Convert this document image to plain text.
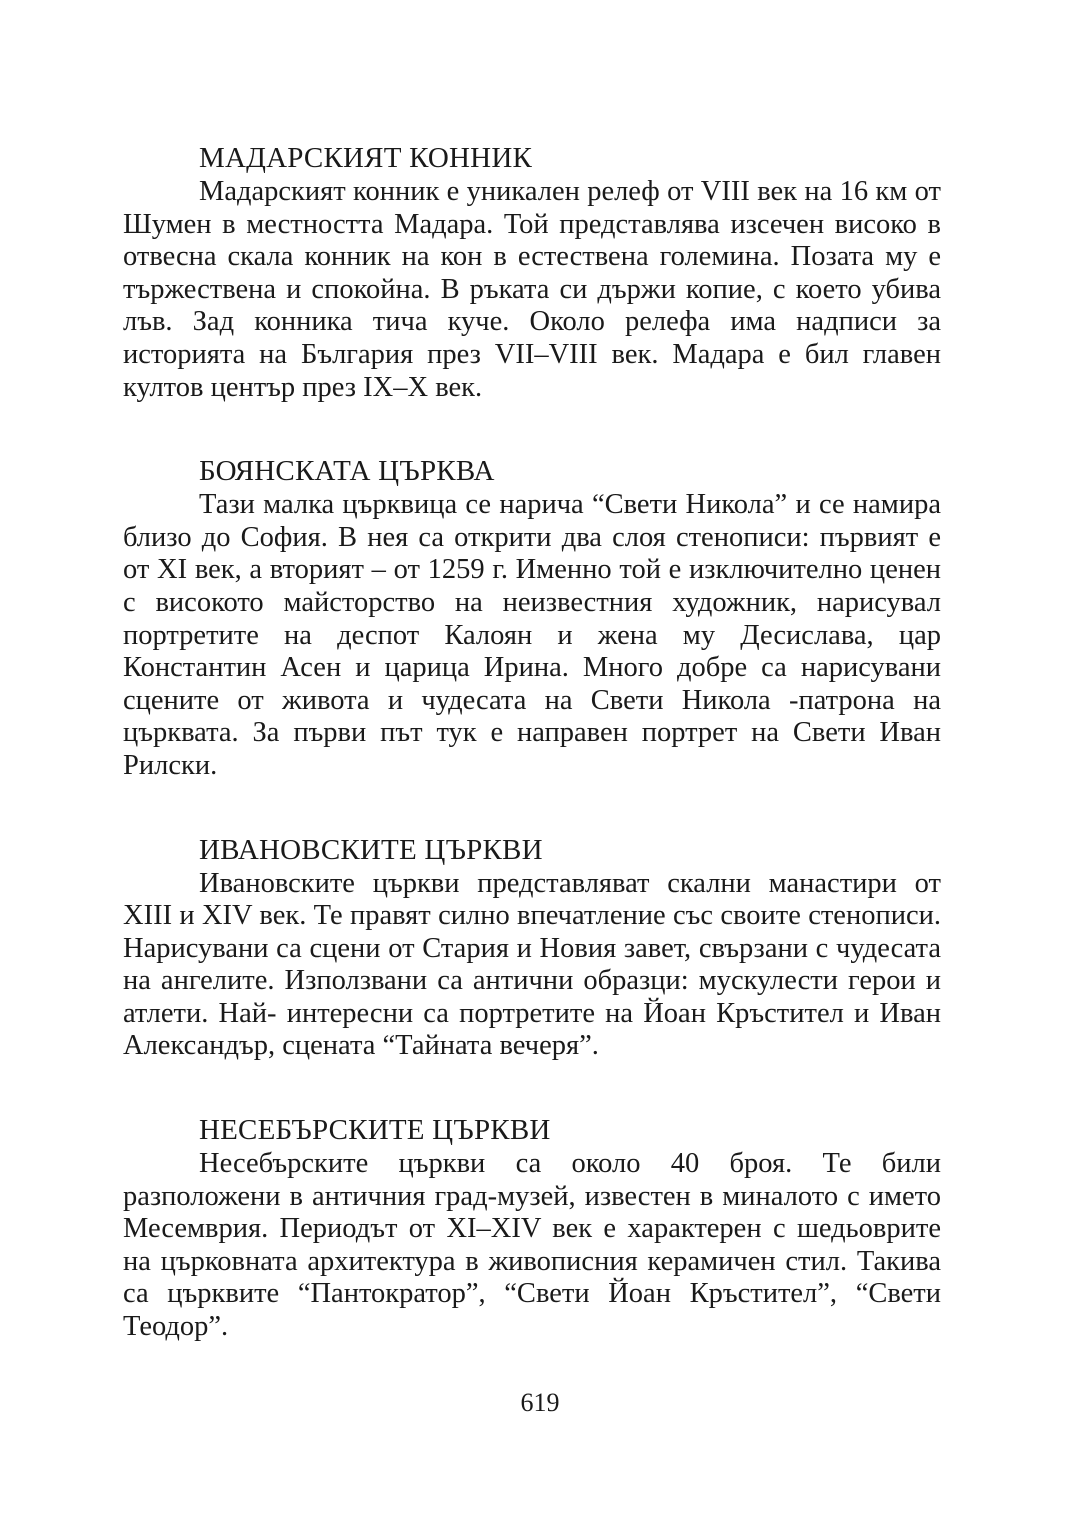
МАДАРСКИЯТ КОННИК

Мадарският конник е уникален релеф от VIII век на 16 км от Шумен в местността Мадара. Той представлява изсечен високо в отвесна скала конник на кон в естествена големина. Позата му е тържествена и спокойна. В ръката си държи копие, с което убива лъв. Зад конника тича куче. Около релефа има надписи за историята на България през VII–VIII век. Мадара е бил главен култов център през IX–X век.

БОЯНСКАТА ЦЪРКВА

Тази малка църквица се нарича “Свети Никола” и се намира близо до София. В нея са открити два слоя стенописи: първият е от XI век, а вторият – от 1259 г. Именно той е изключително ценен с високото майсторство на неизвестния художник, нарисувал портретите на деспот Калоян и жена му Десислава, цар Константин Асен и царица Ирина. Много добре са нарисувани сцените от живота и чудесата на Свети Никола -патрона на църквата. За първи път тук е направен портрет на Свети Иван Рилски.

ИВАНОВСКИТЕ ЦЪРКВИ

Ивановските църкви представляват скални манастири от XIII и XIV век. Те правят силно впечатление със своите стенописи. Нарисувани са сцени от Стария и Новия завет, свързани с чудесата на ангелите. Използвани са антични образци: мускулести герои и атлети. Най- интересни са портретите на Йоан Кръстител и Иван Александър, сцената “Тайната вечеря”.

НЕСЕБЪРСКИТЕ ЦЪРКВИ

Несебърските църкви са около 40 броя. Те били разположени в античния град-музей, известен в миналото с името Месемврия. Периодът от XI–XIV век е характерен с шедьоврите на църковната архитектура в живописния керамичен стил. Такива са църквите “Пантократор”, “Свети Йоан Кръстител”, “Свети Теодор”.

619
